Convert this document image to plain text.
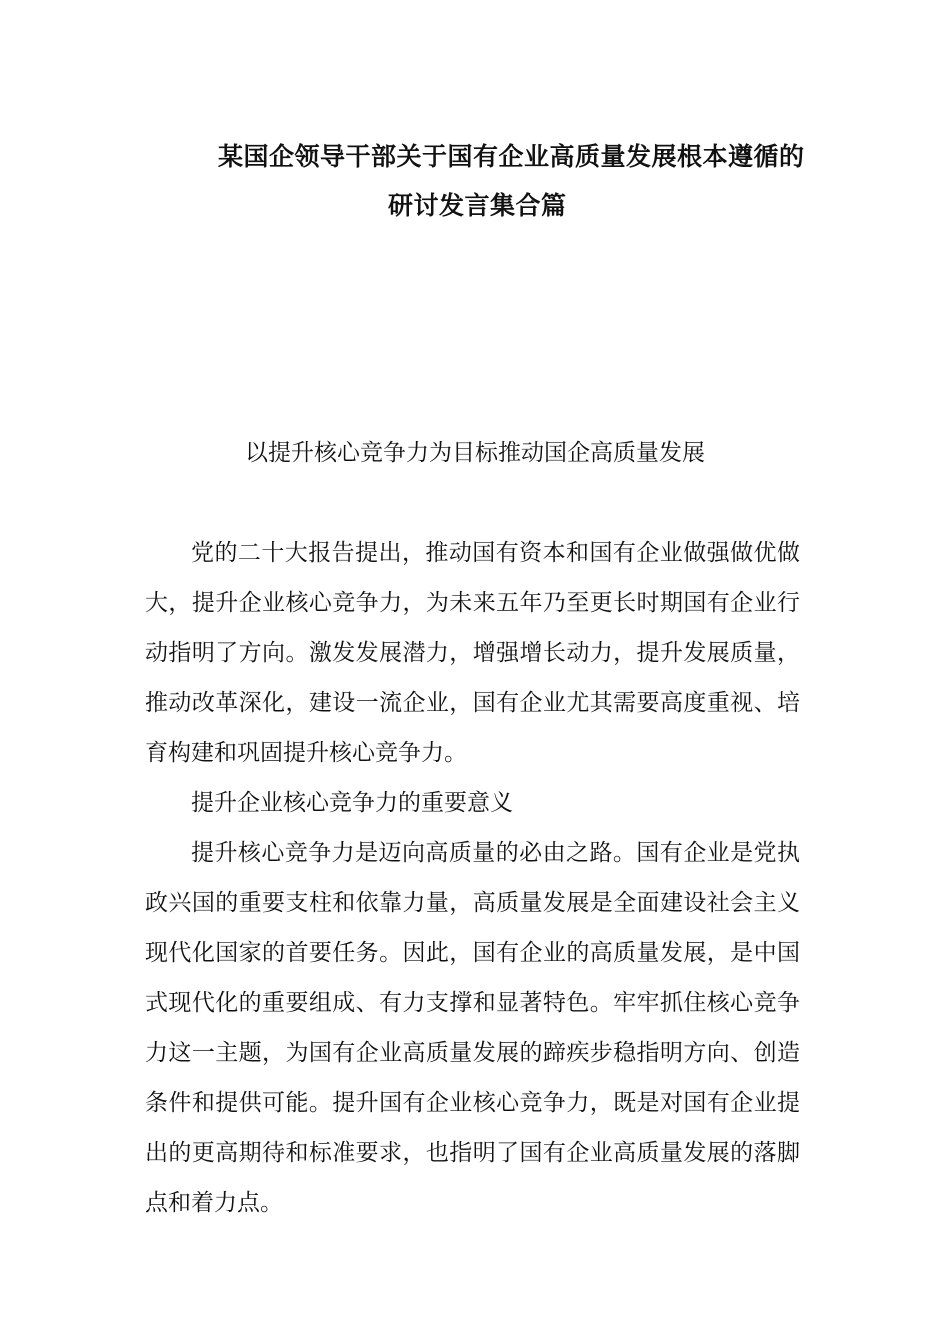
某国企领导干部关于国有企业高质量发展根本遵循的
研讨发言集合篇
以提升核心竞争力为目标推动国企高质量发展

党的二十大报告提出，推动国有资本和国有企业做强做优做大，提升企业核心竞争力，为未来五年乃至更长时期国有企业行动指明了方向。激发发展潜力，增强增长动力，提升发展质量，推动改革深化，建设一流企业，国有企业尤其需要高度重视、培育构建和巩固提升核心竞争力。

提升企业核心竞争力的重要意义

提升核心竞争力是迈向高质量的必由之路。国有企业是党执政兴国的重要支柱和依靠力量，高质量发展是全面建设社会主义现代化国家的首要任务。因此，国有企业的高质量发展，是中国式现代化的重要组成、有力支撑和显著特色。牢牢抓住核心竞争力这一主题，为国有企业高质量发展的蹄疾步稳指明方向、创造条件和提供可能。提升国有企业核心竞争力，既是对国有企业提出的更高期待和标准要求，也指明了国有企业高质量发展的落脚点和着力点。
